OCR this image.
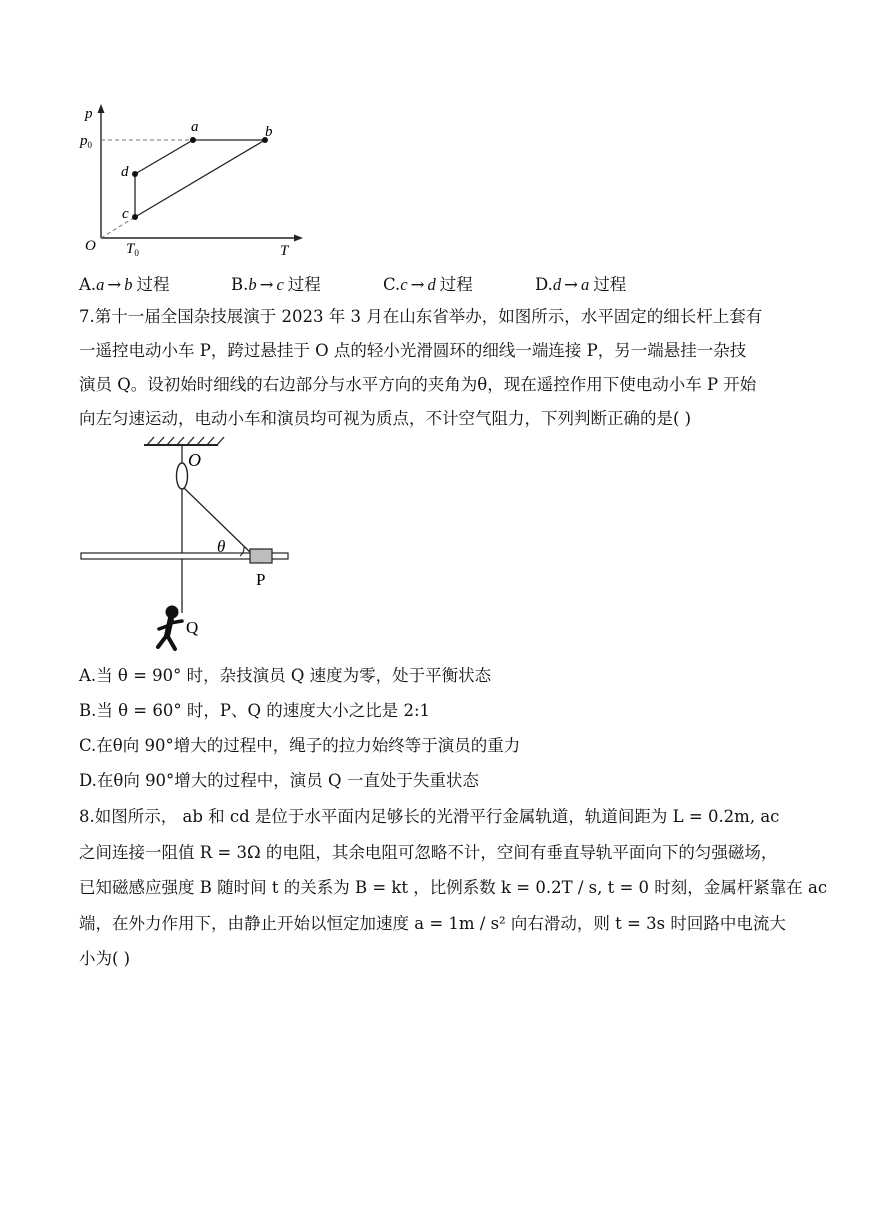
p
T
O
$p_0$
$T_0$
a	b
c
d
A.a → b 过程	B.b → c 过程	C.c → d 过程	D.d → a 过程
7.第十一届全国杂技展演于 2023 年 3 月在山东省举办，如图所示，水平固定的细长杆上套有
一遥控电动小车 P，跨过悬挂于 O 点的轻小光滑圆环的细线一端连接 P，另一端悬挂一杂技
演员 Q。设初始时细线的右边部分与水平方向的夹角为θ，现在遥控作用下使电动小车 P 开始
向左匀速运动，电动小车和演员均可视为质点，不计空气阻力，下列判断正确的是( )
O
θ
P
Q
A.当 θ = 90° 时，杂技演员 Q 速度为零，处于平衡状态
B.当 θ = 60° 时，P、Q 的速度大小之比是 2:1
C.在θ向 90°增大的过程中，绳子的拉力始终等于演员的重力
D.在θ向 90°增大的过程中，演员 Q 一直处于失重状态
8.如图所示， ab 和 cd 是位于水平面内足够长的光滑平行金属轨道，轨道间距为 L = 0.2m, ac
之间连接一阻值 R = 3Ω 的电阻，其余电阻可忽略不计，空间有垂直导轨平面向下的匀强磁场，
已知磁感应强度 B 随时间 t 的关系为 B = kt ，比例系数 k = 0.2T / s, t = 0 时刻，金属杆紧靠在 ac
端，在外力作用下，由静止开始以恒定加速度 a = 1m / s² 向右滑动，则 t = 3s 时回路中电流大
小为( )
